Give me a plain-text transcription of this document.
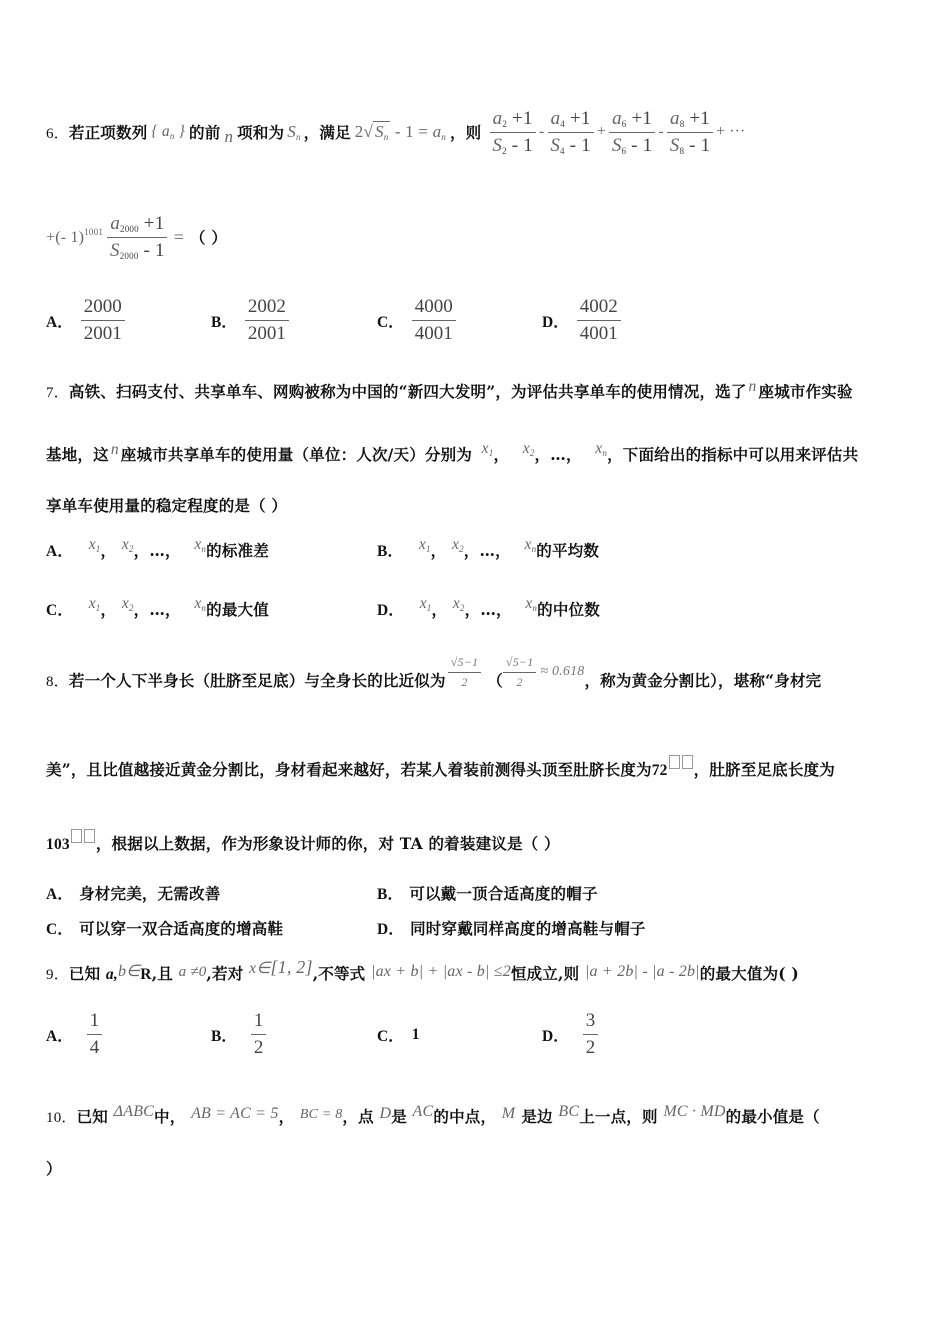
6． 若正项数列 { $a_n$ } 的前 n 项和为 $S_n$ ，满足 2√ $S_n - 1 = a_n$ ，则 $\frac{a_2 +1}{S_2 - 1} - \frac{a_4 +1}{S_4 - 1} + \frac{a_6 +1}{S_6 - 1} - \frac{a_8 +1}{S_8 - 1}$ + ···
+(- $1)^{1001} \frac{a_{2000} +1}{S_{2000} - 1}$ = （ ）
A． $\frac{2000}{2001}$	B． $\frac{2002}{2001}$	C． $\frac{4000}{4001}$	D． $\frac{4002}{4001}$
7．高铁、扫码支付、共享单车、网购被称为中国的“新四大发明”，为评估共享单车的使用情况，选了 n 座城市作实验
基地，这 n 座城市共享单车的使用量（单位：人次/天）分别为 $x_1$， $x_2$，…， $x_n$，下面给出的指标中可以用来评估共
享单车使用量的稳定程度的是（ ）
A． $x_1$， $x_2$，…， $x_n$的标准差	B． $x_1$， $x_2$，…， $x_n$的平均数
C． $x_1$， $x_2$，…， $x_n$的最大值	D． $x_1$， $x_2$，…， $x_n$的中位数
8． 若一个人下半身长（肚脐至足底）与全身长的比近似为 $\frac{√5-1}{2}$ （ $\frac{√5-1}{2} \approx 0.618$ ，称为黄金分割比），堪称“身材完
美”，且比值越接近黄金分割比，身材看起来越好，若某人着装前测得头顶至肚脐长度为72 ，肚脐至足底长度为
103 ，根据以上数据，作为形象设计师的你，对 TA 的着装建议是（ ）
A． 身材完美，无需改善	B． 可以戴一顶合适高度的帽子
C． 可以穿一双合适高度的增高鞋	D． 同时穿戴同样高度的增高鞋与帽子
9．已知 a,b∈R,且 a ≠0,若对 x∈[1, 2],不等式 |ax + b| + |ax - b| ≤2恒成立,则 |a + 2b| - |a - 2b|的最大值为( )
A． $\frac{1}{4}$	B． $\frac{1}{2}$	C． 1	D． $\frac{3}{2}$
10．已知 ΔABC中， AB = AC = 5， BC = 8，点 D是 AC的中点， M 是边 BC上一点，则 MC · MD的最小值是（
）
